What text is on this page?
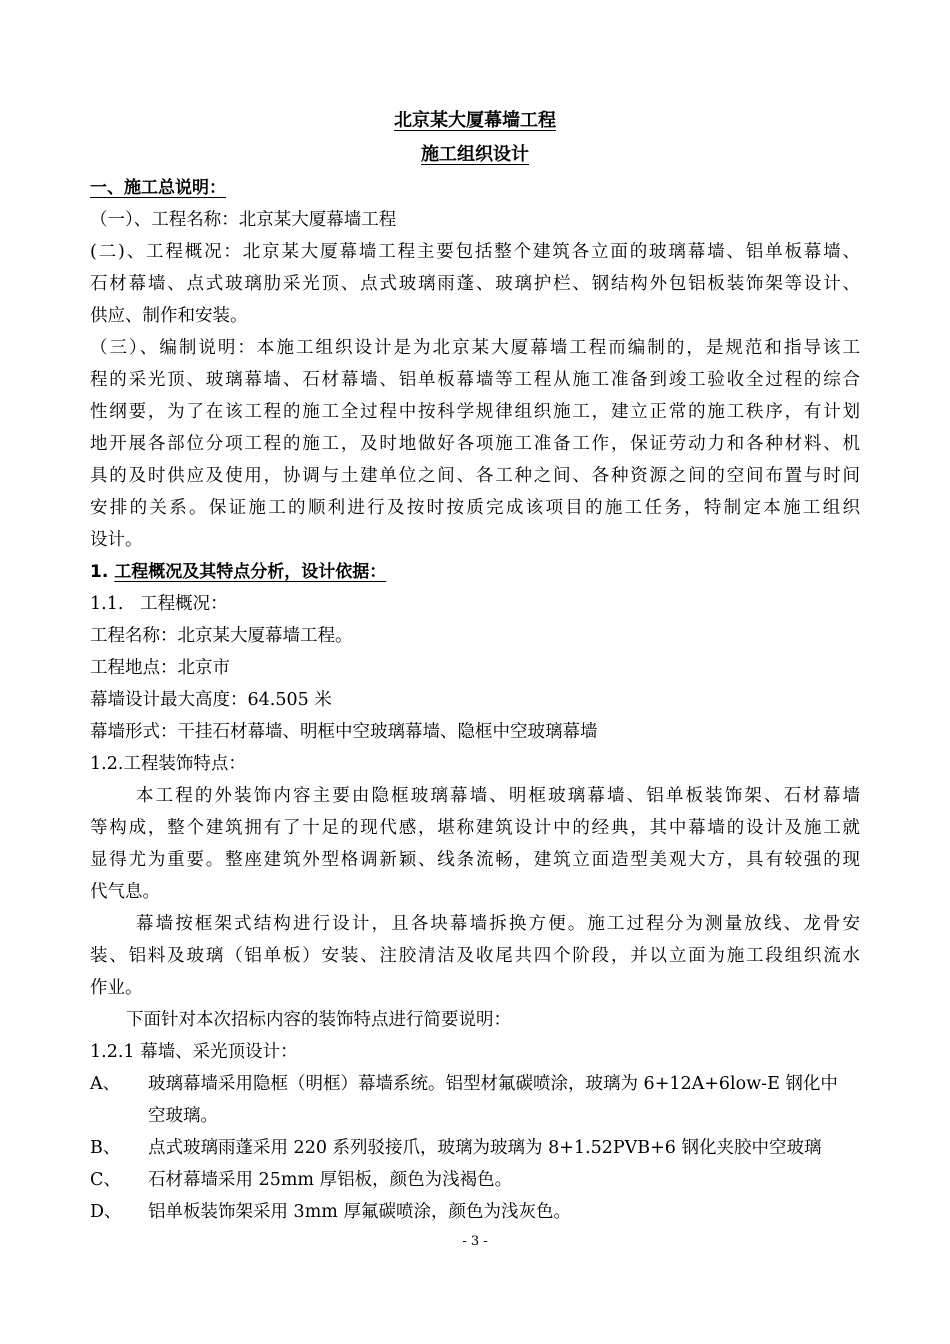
北京某大厦幕墙工程
施工组织设计
一、施工总说明：
（一）、工程名称：北京某大厦幕墙工程
(二)、工程概况：北京某大厦幕墙工程主要包括整个建筑各立面的玻璃幕墙、铝单板幕墙、
石材幕墙、点式玻璃肋采光顶、点式玻璃雨蓬、玻璃护栏、钢结构外包铝板装饰架等设计、
供应、制作和安装。
（三）、编制说明：本施工组织设计是为北京某大厦幕墙工程而编制的，是规范和指导该工
程的采光顶、玻璃幕墙、石材幕墙、铝单板幕墙等工程从施工准备到竣工验收全过程的综合
性纲要，为了在该工程的施工全过程中按科学规律组织施工，建立正常的施工秩序，有计划
地开展各部位分项工程的施工，及时地做好各项施工准备工作，保证劳动力和各种材料、机
具的及时供应及使用，协调与土建单位之间、各工种之间、各种资源之间的空间布置与时间
安排的关系。保证施工的顺利进行及按时按质完成该项目的施工任务，特制定本施工组织
设计。
1. 工程概况及其特点分析，设计依据：
1.1.   工程概况：
工程名称：北京某大厦幕墙工程。
工程地点：北京市
幕墙设计最大高度：64.505 米
幕墙形式：干挂石材幕墙、明框中空玻璃幕墙、隐框中空玻璃幕墙
1.2.工程装饰特点：
本工程的外装饰内容主要由隐框玻璃幕墙、明框玻璃幕墙、铝单板装饰架、石材幕墙
等构成，整个建筑拥有了十足的现代感，堪称建筑设计中的经典，其中幕墙的设计及施工就
显得尤为重要。整座建筑外型格调新颖、线条流畅，建筑立面造型美观大方，具有较强的现
代气息。
幕墙按框架式结构进行设计，且各块幕墙拆换方便。施工过程分为测量放线、龙骨安
装、铝料及玻璃（铝单板）安装、注胶清洁及收尾共四个阶段，并以立面为施工段组织流水
作业。
下面针对本次招标内容的装饰特点进行简要说明：
1.2.1 幕墙、采光顶设计：
A、 玻璃幕墙采用隐框（明框）幕墙系统。铝型材氟碳喷涂，玻璃为 6+12A+6low-E 钢化中
空玻璃。
B、 点式玻璃雨蓬采用 220 系列驳接爪，玻璃为玻璃为 8+1.52PVB+6 钢化夹胶中空玻璃
C、 石材幕墙采用 25mm 厚铝板，颜色为浅褐色。
D、 铝单板装饰架采用 3mm 厚氟碳喷涂，颜色为浅灰色。
- 3 -
